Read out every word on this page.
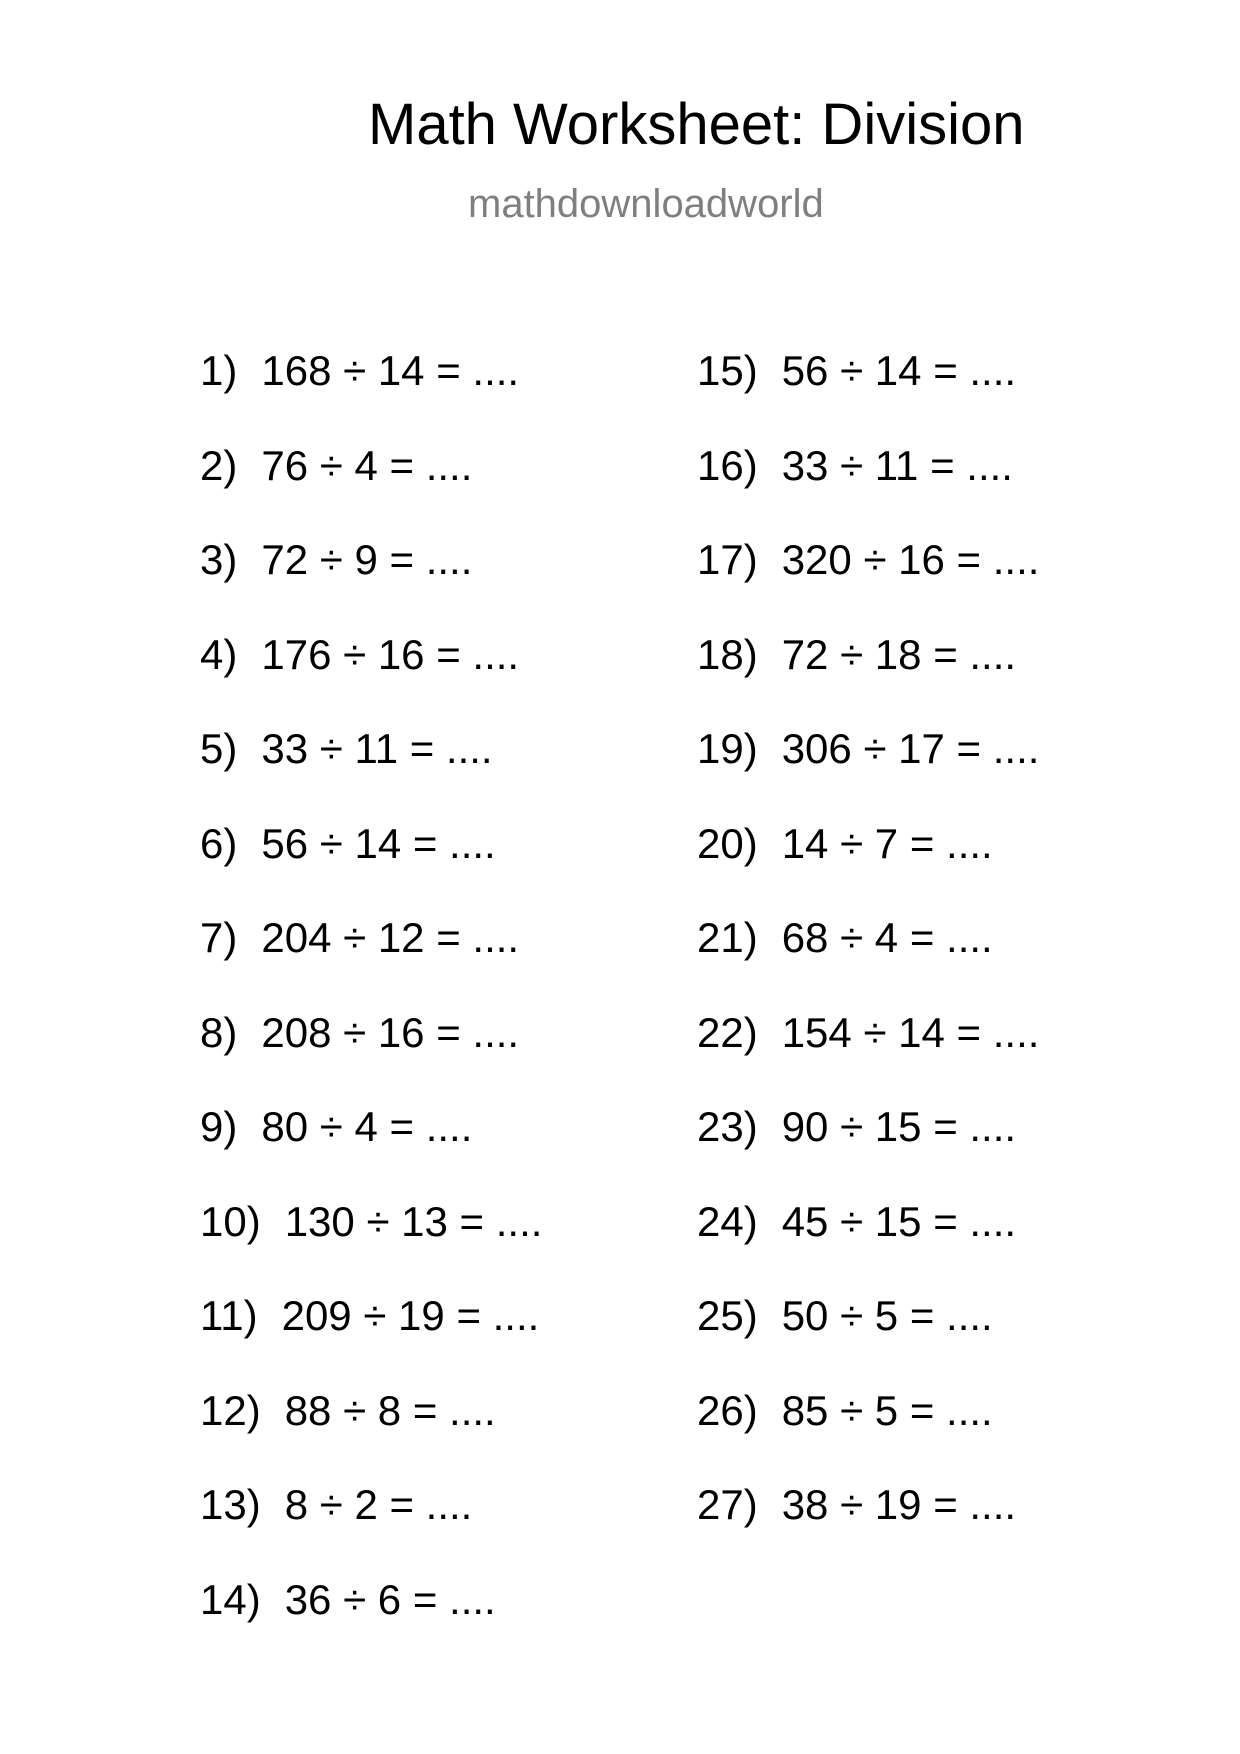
Math Worksheet: Division
mathdownloadworld
1) 168 ÷ 14 = ....
2) 76 ÷ 4 = ....
3) 72 ÷ 9 = ....
4) 176 ÷ 16 = ....
5) 33 ÷ 11 = ....
6) 56 ÷ 14 = ....
7) 204 ÷ 12 = ....
8) 208 ÷ 16 = ....
9) 80 ÷ 4 = ....
10) 130 ÷ 13 = ....
11) 209 ÷ 19 = ....
12) 88 ÷ 8 = ....
13) 8 ÷ 2 = ....
14) 36 ÷ 6 = ....
15) 56 ÷ 14 = ....
16) 33 ÷ 11 = ....
17) 320 ÷ 16 = ....
18) 72 ÷ 18 = ....
19) 306 ÷ 17 = ....
20) 14 ÷ 7 = ....
21) 68 ÷ 4 = ....
22) 154 ÷ 14 = ....
23) 90 ÷ 15 = ....
24) 45 ÷ 15 = ....
25) 50 ÷ 5 = ....
26) 85 ÷ 5 = ....
27) 38 ÷ 19 = ....
